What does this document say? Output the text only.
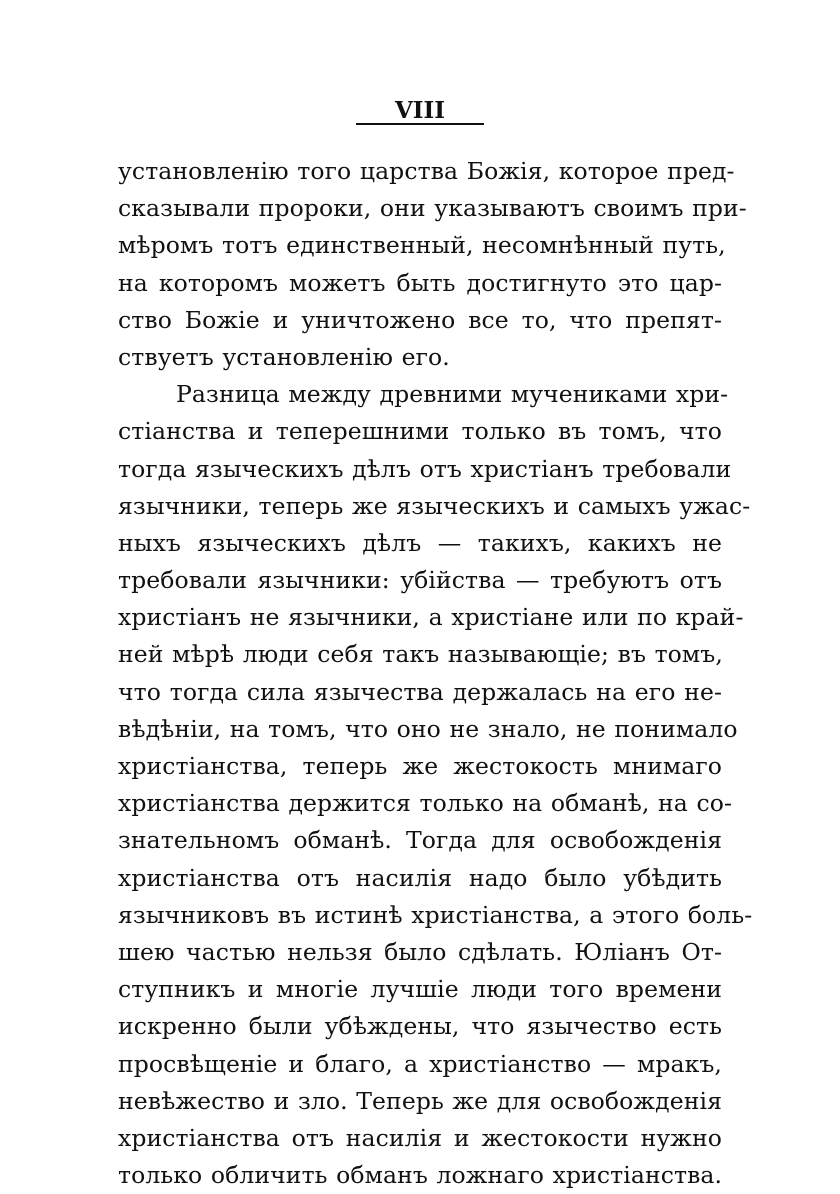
VIII
установленію того царства Божія, которое пред-
сказывали пророки, они указываютъ своимъ при-
мѣромъ тотъ единственный, несомнѣнный путь,
на которомъ можетъ быть достигнуто это цар-
ство Божіе и уничтожено все то, что препят-
ствуетъ установленію его.
Разница между древними мучениками хри-
стіанства и теперешними только въ томъ, что
тогда языческихъ дѣлъ отъ христіанъ требовали
язычники, теперь же языческихъ и самыхъ ужас-
ныхъ языческихъ дѣлъ — такихъ, какихъ не
требовали язычники: убійства — требуютъ отъ
христіанъ не язычники, а христіане или по край-
ней мѣрѣ люди себя такъ называющіе; въ томъ,
что тогда сила язычества держалась на его не-
вѣдѣніи, на томъ, что оно не знало, не понимало
христіанства, теперь же жестокость мнимаго
христіанства держится только на обманѣ, на со-
знательномъ обманѣ. Тогда для освобожденія
христіанства отъ насилія надо было убѣдить
язычниковъ въ истинѣ христіанства, а этого боль-
шею частью нельзя было сдѣлать. Юліанъ От-
ступникъ и многіе лучшіе люди того времени
искренно были убѣждены, что язычество есть
просвѣщеніе и благо, а христіанство — мракъ,
невѣжество и зло. Теперь же для освобожденія
христіанства отъ насилія и жестокости нужно
только обличить обманъ ложнаго христіанства.
